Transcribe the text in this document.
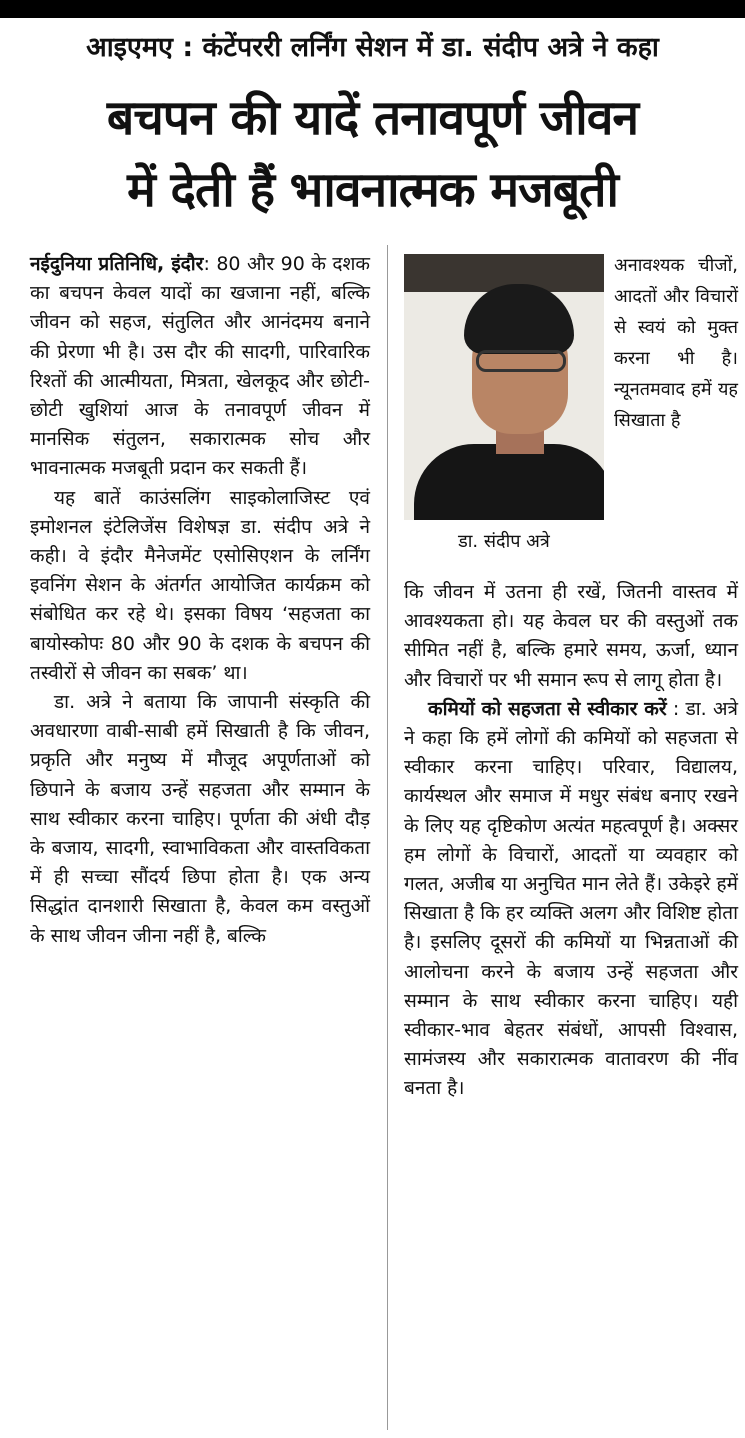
आइएमए : कंटेंपररी लर्निंग सेशन में डा. संदीप अत्रे ने कहा
बचपन की यादें तनावपूर्ण जीवन
में देती हैं भावनात्मक मजबूती

नईदुनिया प्रतिनिधि, इंदौर: 80 और 90 के दशक का बचपन केवल यादों का खजाना नहीं, बल्कि जीवन को सहज, संतुलित और आनंदमय बनाने की प्रेरणा भी है। उस दौर की सादगी, पारिवारिक रिश्तों की आत्मीयता, मित्रता, खेलकूद और छोटी-छोटी खुशियां आज के तनावपूर्ण जीवन में मानसिक संतुलन, सकारात्मक सोच और भावनात्मक मजबूती प्रदान कर सकती हैं।

यह बातें काउंसलिंग साइकोलाजिस्ट एवं इमोशनल इंटेलिजेंस विशेषज्ञ डा. संदीप अत्रे ने कही। वे इंदौर मैनेजमेंट एसोसिएशन के लर्निंग इवनिंग सेशन के अंतर्गत आयोजित कार्यक्रम को संबोधित कर रहे थे। इसका विषय ‘सहजता का बायोस्कोपः 80 और 90 के दशक के बचपन की तस्वीरों से जीवन का सबक’ था।

डा. अत्रे ने बताया कि जापानी संस्कृति की अवधारणा वाबी-साबी हमें सिखाती है कि जीवन, प्रकृति और मनुष्य में मौजूद अपूर्णताओं को छिपाने के बजाय उन्हें सहजता और सम्मान के साथ स्वीकार करना चाहिए। पूर्णता की अंधी दौड़ के बजाय, सादगी, स्वाभाविकता और वास्तविकता में ही सच्चा सौंदर्य छिपा होता है। एक अन्य सिद्धांत दानशारी सिखाता है, केवल कम वस्तुओं के साथ जीवन जीना नहीं है, बल्कि

डा. संदीप अत्रे

अनावश्यक चीजों, आदतों और विचारों से स्वयं को मुक्त करना भी है। न्यूनतमवाद हमें यह सिखाता है

कि जीवन में उतना ही रखें, जितनी वास्तव में आवश्यकता हो। यह केवल घर की वस्तुओं तक सीमित नहीं है, बल्कि हमारे समय, ऊर्जा, ध्यान और विचारों पर भी समान रूप से लागू होता है।

कमियों को सहजता से स्वीकार करें : डा. अत्रे ने कहा कि हमें लोगों की कमियों को सहजता से स्वीकार करना चाहिए। परिवार, विद्यालय, कार्यस्थल और समाज में मधुर संबंध बनाए रखने के लिए यह दृष्टिकोण अत्यंत महत्वपूर्ण है। अक्सर हम लोगों के विचारों, आदतों या व्यवहार को गलत, अजीब या अनुचित मान लेते हैं। उकेइरे हमें सिखाता है कि हर व्यक्ति अलग और विशिष्ट होता है। इसलिए दूसरों की कमियों या भिन्नताओं की आलोचना करने के बजाय उन्हें सहजता और सम्मान के साथ स्वीकार करना चाहिए। यही स्वीकार-भाव बेहतर संबंधों, आपसी विश्वास, सामंजस्य और सकारात्मक वातावरण की नींव बनता है।
